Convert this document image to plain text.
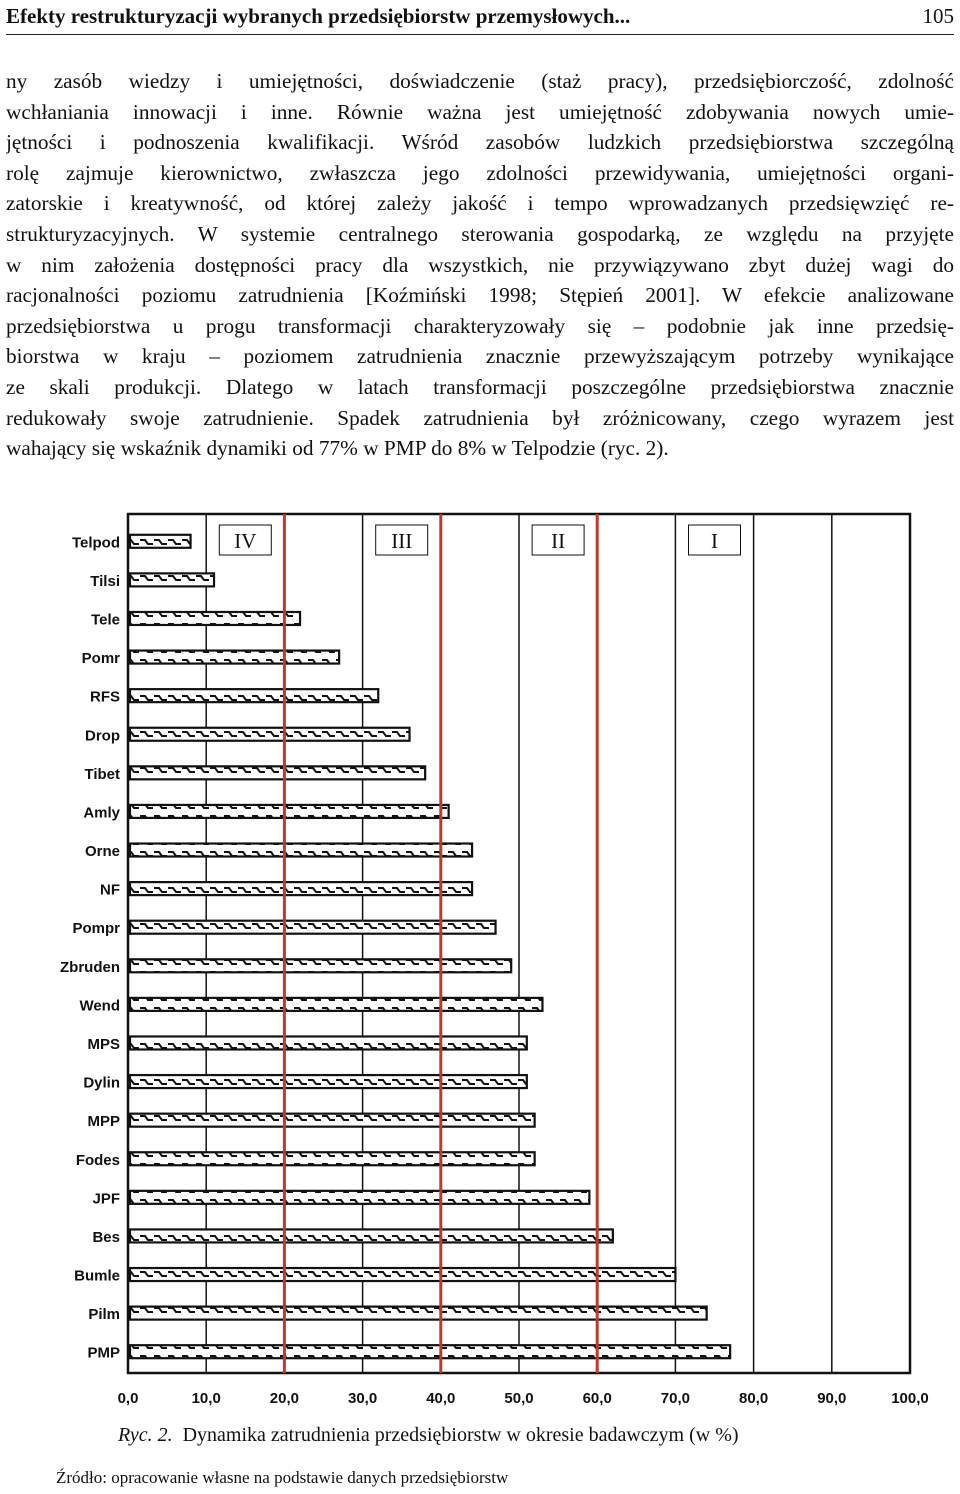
Efekty restrukturyzacji wybranych przedsiębiorstw przemysłowych...	105
ny zasób wiedzy i umiejętności, doświadczenie (staż pracy), przedsiębiorczość, zdolność
wchłaniania innowacji i inne. Równie ważna jest umiejętność zdobywania nowych umie-
jętności i podnoszenia kwalifikacji. Wśród zasobów ludzkich przedsiębiorstwa szczególną
rolę zajmuje kierownictwo, zwłaszcza jego zdolności przewidywania, umiejętności organi-
zatorskie i kreatywność, od której zależy jakość i tempo wprowadzanych przedsięwzięć re-
strukturyzacyjnych. W systemie centralnego sterowania gospodarką, ze względu na przyjęte
w nim założenia dostępności pracy dla wszystkich, nie przywiązywano zbyt dużej wagi do
racjonalności poziomu zatrudnienia [Koźmiński 1998; Stępień 2001]. W efekcie analizowane
przedsiębiorstwa u progu transformacji charakteryzowały się – podobnie jak inne przedsię-
biorstwa w kraju – poziomem zatrudnienia znacznie przewyższającym potrzeby wynikające
ze skali produkcji. Dlatego w latach transformacji poszczególne przedsiębiorstwa znacznie
redukowały swoje zatrudnienie. Spadek zatrudnienia był zróżnicowany, czego wyrazem jest
wahający się wskaźnik dynamiki od 77% w PMP do 8% w Telpodzie (ryc. 2).
0,0	10,0	20,0	30,0	40,0	50,0	60,0	70,0	80,0	90,0	100,0
Telpod
Tilsi
Tele
Pomr
RFS
Drop
Tibet
Amly
Orne
NF
Pompr
Zbruden
Wend
MPS
Dylin
MPP
Fodes
JPF
Bes
Bumle
Pilm
PMP
IV	III	II	I
Ryc. 2. Dynamika zatrudnienia przedsiębiorstw w okresie badawczym (w %)
Źródło: opracowanie własne na podstawie danych przedsiębiorstw
